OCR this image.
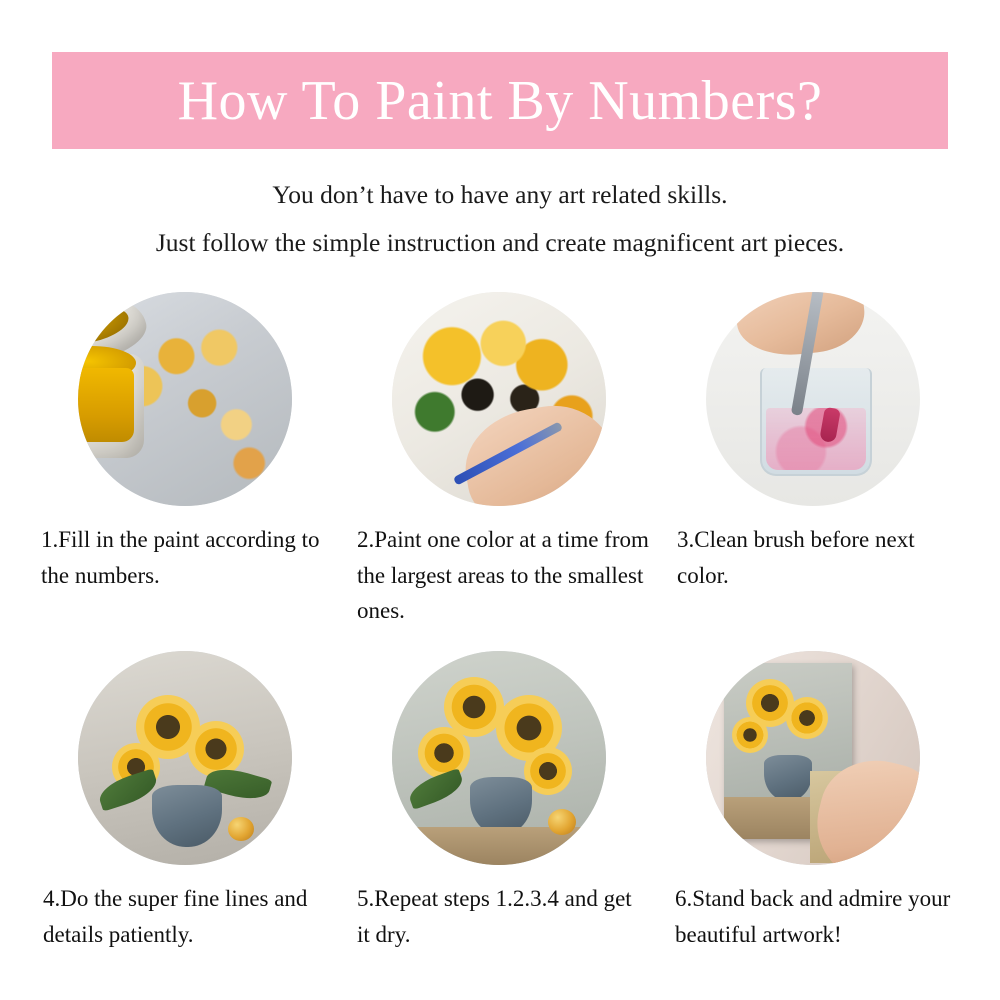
How To Paint By Numbers?
You don’t have to have any art related skills.
Just follow the simple instruction and create magnificent art pieces.
1.Fill in the paint according to the numbers.
2.Paint one color at a time from the largest areas to the smallest ones.
3.Clean brush before next color.
4.Do the super fine lines and details patiently.
5.Repeat steps 1.2.3.4 and get it dry.
6.Stand back and admire your beautiful artwork!
